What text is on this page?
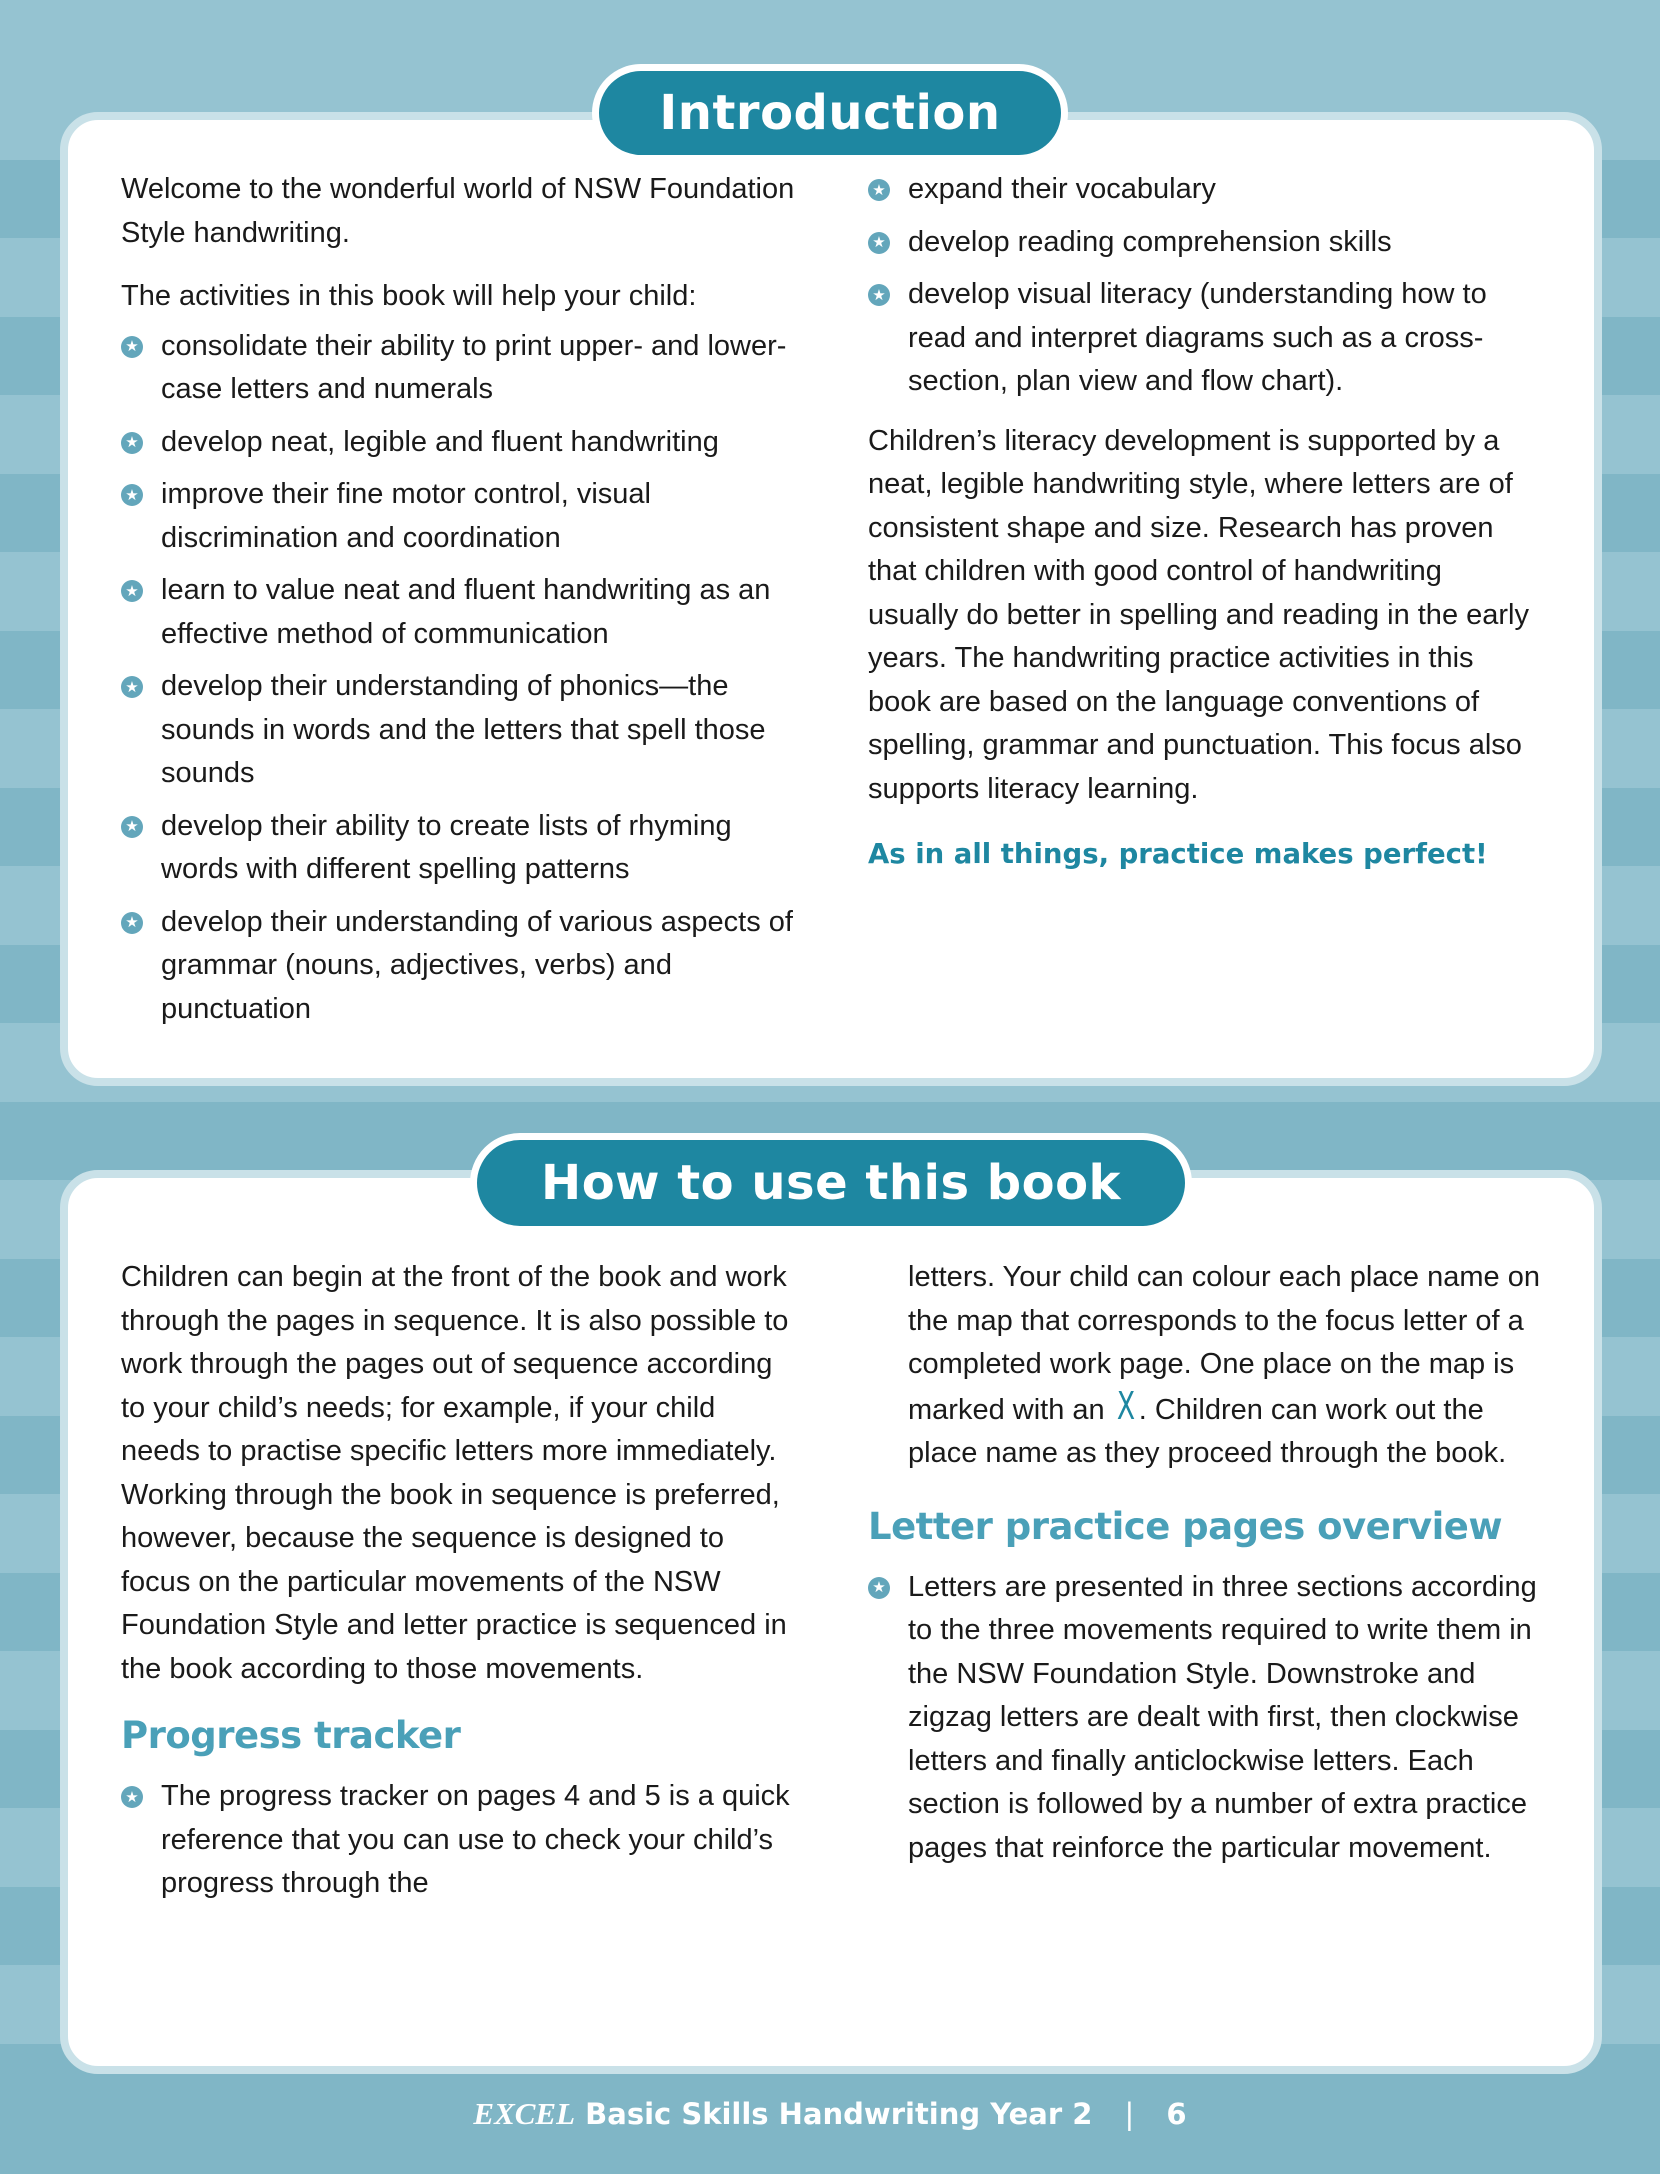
Introduction

Welcome to the wonderful world of NSW Foundation Style handwriting.

The activities in this book will help your child:

★ consolidate their ability to print upper- and lower-case letters and numerals
★ develop neat, legible and fluent handwriting
★ improve their fine motor control, visual discrimination and coordination
★ learn to value neat and fluent handwriting as an effective method of communication
★ develop their understanding of phonics—the sounds in words and the letters that spell those sounds
★ develop their ability to create lists of rhyming words with different spelling patterns
★ develop their understanding of various aspects of grammar (nouns, adjectives, verbs) and punctuation
★ expand their vocabulary
★ develop reading comprehension skills
★ develop visual literacy (understanding how to read and interpret diagrams such as a cross-section, plan view and flow chart).

Children’s literacy development is supported by a neat, legible handwriting style, where letters are of consistent shape and size. Research has proven that children with good control of handwriting usually do better in spelling and reading in the early years. The handwriting practice activities in this book are based on the language conventions of spelling, grammar and punctuation. This focus also supports literacy learning.

As in all things, practice makes perfect!

How to use this book

Children can begin at the front of the book and work through the pages in sequence. It is also possible to work through the pages out of sequence according to your child’s needs; for example, if your child needs to practise specific letters more immediately. Working through the book in sequence is preferred, however, because the sequence is designed to focus on the particular movements of the NSW Foundation Style and letter practice is sequenced in the book according to those movements.

Progress tracker
★ The progress tracker on pages 4 and 5 is a quick reference that you can use to check your child’s progress through the

letters. Your child can colour each place name on the map that corresponds to the focus letter of a completed work page. One place on the map is marked with an X . Children can work out the place name as they proceed through the book.

Letter practice pages overview
★ Letters are presented in three sections according to the three movements required to write them in the NSW Foundation Style. Downstroke and zigzag letters are dealt with first, then clockwise letters and finally anticlockwise letters. Each section is followed by a number of extra practice pages that reinforce the particular movement.
EXCEL Basic Skills Handwriting Year 2 | 6
